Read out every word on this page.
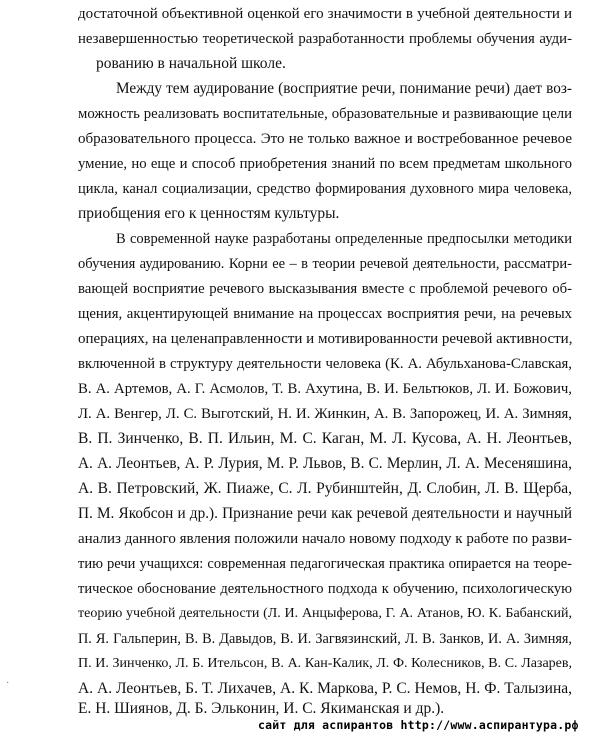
достаточной объективной оценкой его значимости в учебной деятельности и
незавершенностью теоретической разработанности проблемы обучения ауди-
рованию в начальной школе.
Между тем аудирование (восприятие речи, понимание речи) дает воз-
можность реализовать воспитательные, образовательные и развивающие цели
образовательного процесса. Это не только важное и востребованное речевое
умение, но еще и способ приобретения знаний по всем предметам школьного
цикла, канал социализации, средство формирования духовного мира человека,
приобщения его к ценностям культуры.
В современной науке разработаны определенные предпосылки методики
обучения аудированию. Корни ее – в теории речевой деятельности, рассматри-
вающей восприятие речевого высказывания вместе с проблемой речевого об-
щения, акцентирующей внимание на процессах восприятия речи, на речевых
операциях, на целенаправленности и мотивированности речевой активности,
включенной в структуру деятельности человека (К. А. Абульханова-Славская,
В. А. Артемов, А. Г. Асмолов, Т. В. Ахутина, В. И. Бельтюков, Л. И. Божович,
Л. А. Венгер, Л. С. Выготский, Н. И. Жинкин, А. В. Запорожец, И. А. Зимняя,
В. П. Зинченко, В. П. Ильин, М. С. Каган, М. Л. Кусова, А. Н. Леонтьев,
А. А. Леонтьев, А. Р. Лурия, М. Р. Львов, В. С. Мерлин, Л. А. Месеняшина,
А. В. Петровский, Ж. Пиаже, С. Л. Рубинштейн, Д. Слобин, Л. В. Щерба,
П. М. Якобсон и др.). Признание речи как речевой деятельности и научный
анализ данного явления положили начало новому подходу к работе по разви-
тию речи учащихся: современная педагогическая практика опирается на теоре-
тическое обоснование деятельностного подхода к обучению, психологическую
теорию учебной деятельности (Л. И. Анцыферова, Г. А. Атанов, Ю. К. Бабанский,
П. Я. Гальперин, В. В. Давыдов, В. И. Загвязинский, Л. В. Занков, И. А. Зимняя,
П. И. Зинченко, Л. Б. Ительсон, В. А. Кан-Калик, Л. Ф. Колесников, В. С. Лазарев,
А. А. Леонтьев, Б. Т. Лихачев, А. К. Маркова, Р. С. Немов, Н. Ф. Талызина,
Е. Н. Шиянов, Д. Б. Эльконин, И. С. Якиманская и др.).
·
сайт для аспирантов http://www.аспирантура.рф
